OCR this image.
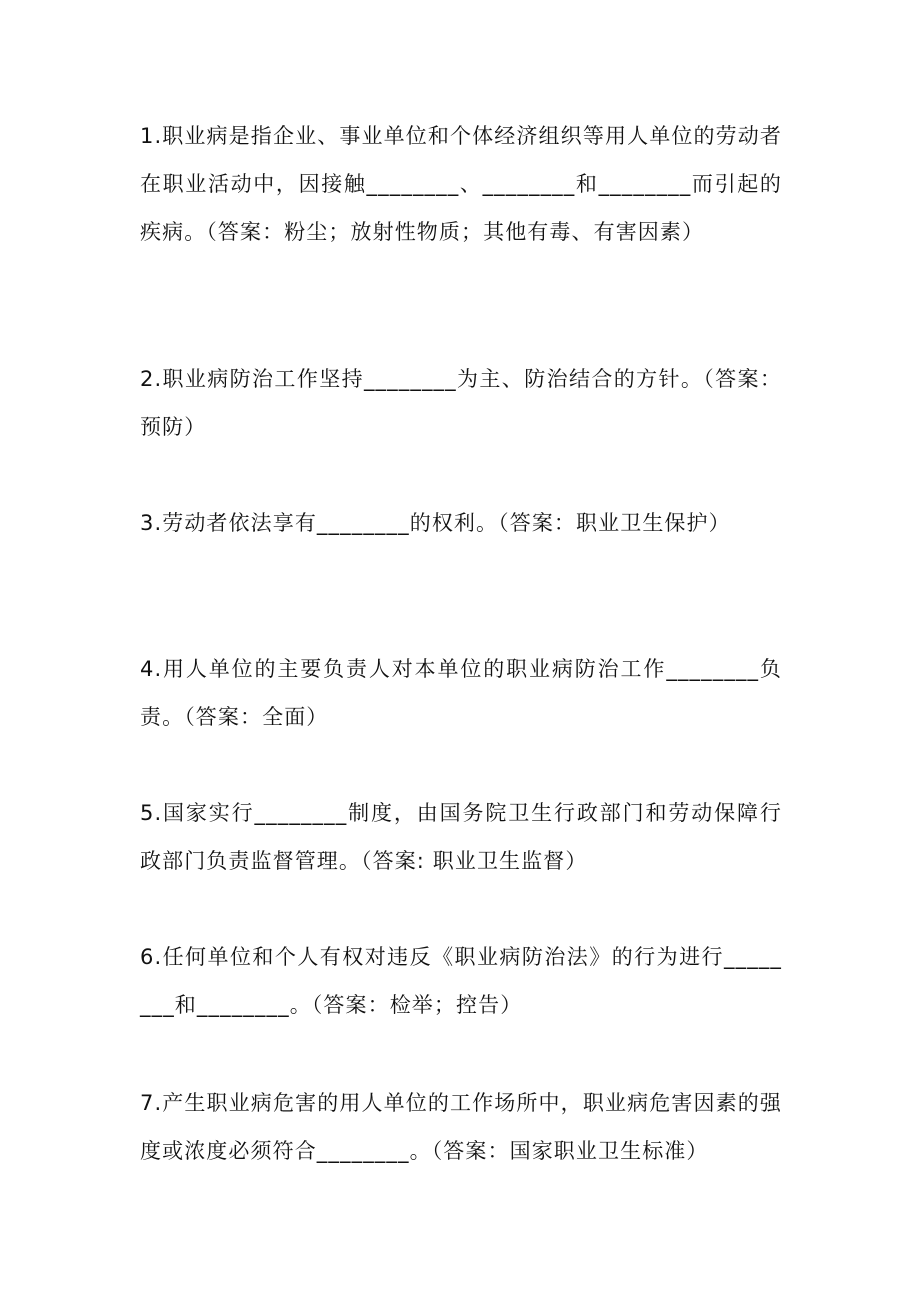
1.职业病是指企业、事业单位和个体经济组织等用人单位的劳动者在职业活动中，因接触________、________和________而引起的疾病。（答案：粉尘；放射性物质；其他有毒、有害因素）

2.职业病防治工作坚持________为主、防治结合的方针。（答案：预防）

3.劳动者依法享有________的权利。（答案：职业卫生保护）

4.用人单位的主要负责人对本单位的职业病防治工作________负责。（答案：全面）

5.国家实行________制度，由国务院卫生行政部门和劳动保障行政部门负责监督管理。（答案: 职业卫生监督）

6.任何单位和个人有权对违反《职业病防治法》的行为进行________和________。（答案：检举；控告）

7.产生职业病危害的用人单位的工作场所中，职业病危害因素的强度或浓度必须符合________。（答案：国家职业卫生标准）
